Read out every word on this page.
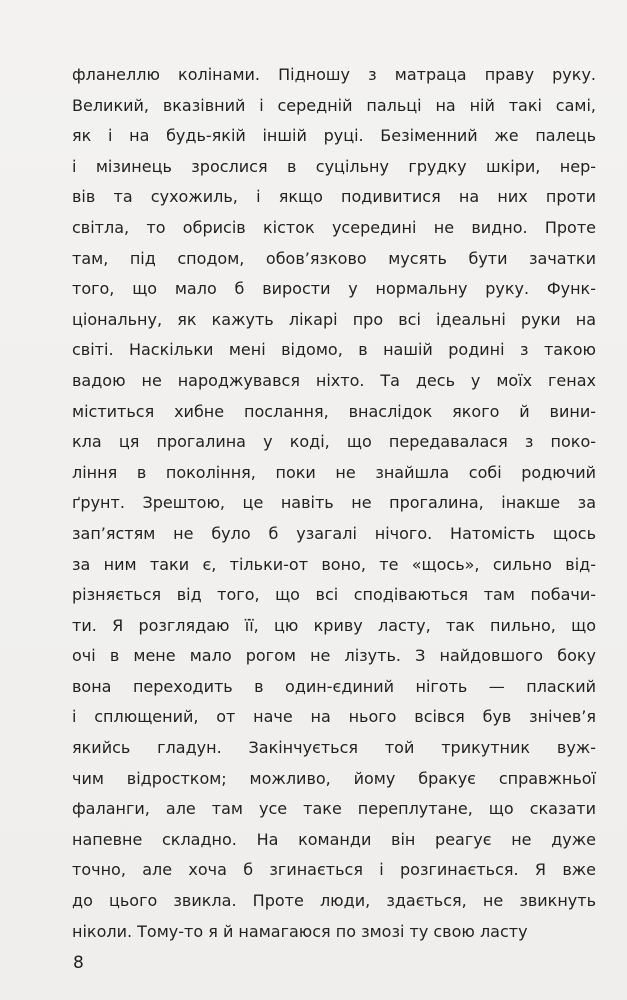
фланеллю колінами. Підношу з матраца праву руку.
Великий, вказівний і середній пальці на ній такі самі,
як і на будь-якій іншій руці. Безіменний же палець
і мізинець зрослися в суцільну грудку шкіри, нер-
вів та сухожиль, і якщо подивитися на них проти
світла, то обрисів кісток усередині не видно. Проте
там, під сподом, обов’язково мусять бути зачатки
того, що мало б вирости у нормальну руку. Функ-
ціональну, як кажуть лікарі про всі ідеальні руки на
світі. Наскільки мені відомо, в нашій родині з такою
вадою не народжувався ніхто. Та десь у моїх генах
міститься хибне послання, внаслідок якого й вини-
кла ця прогалина у коді, що передавалася з поко-
ління в покоління, поки не знайшла собі родючий
ґрунт. Зрештою, це навіть не прогалина, інакше за
зап’ястям не було б узагалі нічого. Натомість щось
за ним таки є, тільки-от воно, те «щось», сильно від-
різняється від того, що всі сподіваються там побачи-
ти. Я розглядаю її, цю криву ласту, так пильно, що
очі в мене мало рогом не лізуть. З найдовшого боку
вона переходить в один-єдиний ніготь — плаский
і сплющений, от наче на нього всівся був знічев’я
якийсь гладун. Закінчується той трикутник вуж-
чим відростком; можливо, йому бракує справжньої
фаланги, але там усе таке переплутане, що сказати
напевне складно. На команди він реагує не дуже
точно, але хоча б згинається і розгинається. Я вже
до цього звикла. Проте люди, здається, не звикнуть
ніколи. Тому-то я й намагаюся по змозі ту свою ласту

8
